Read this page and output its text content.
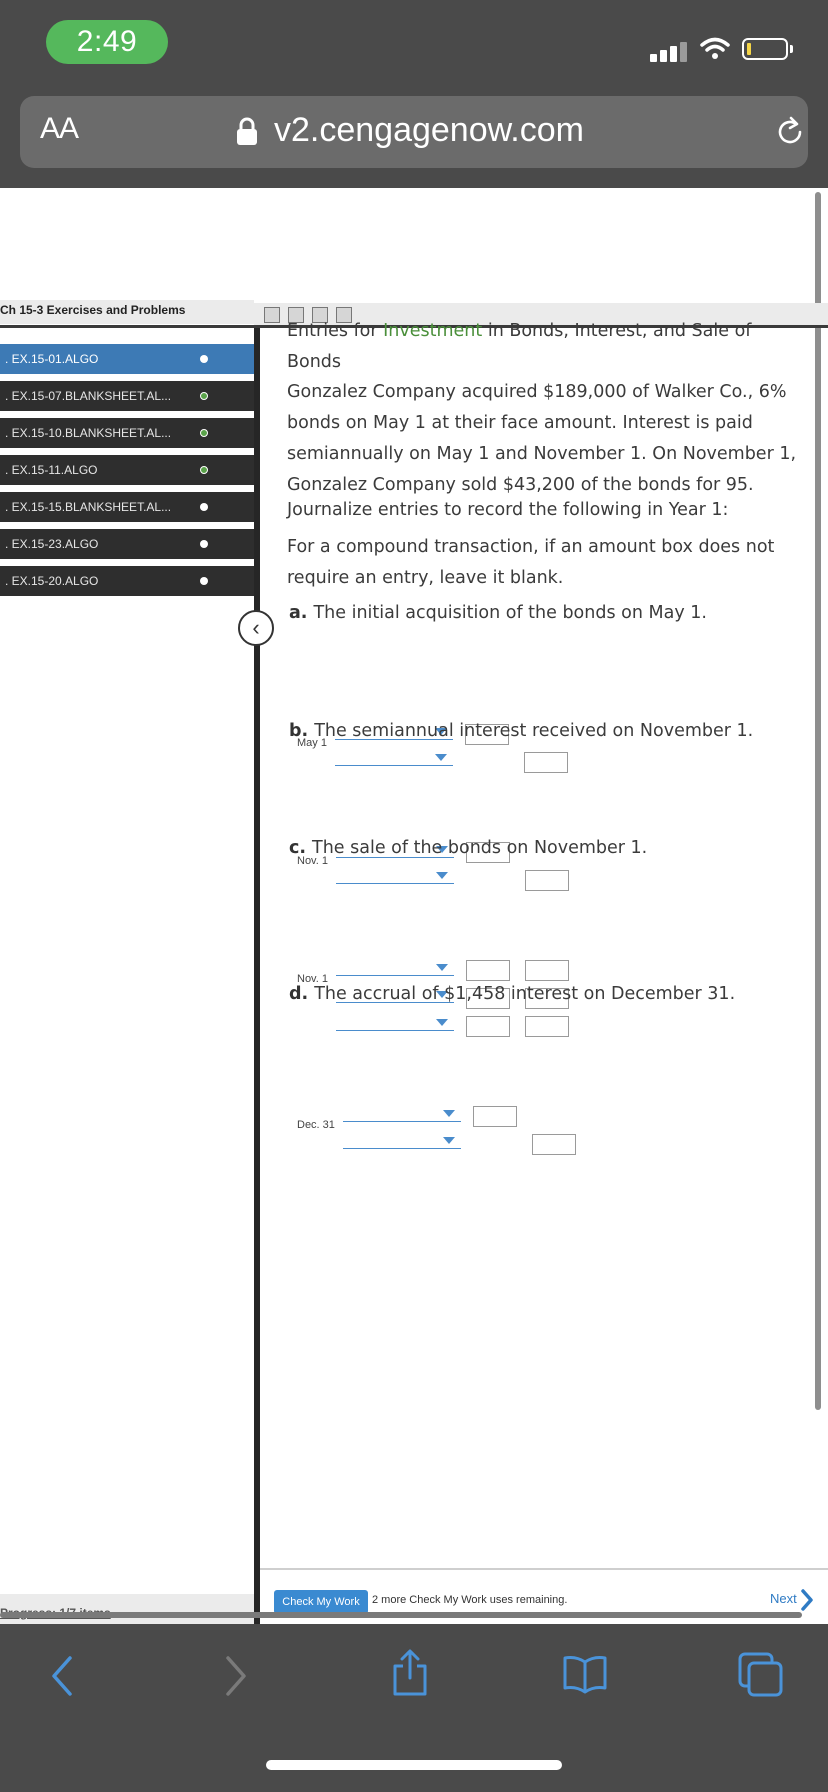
2:49
AA	v2.cengagenow.com
Ch 15-3 Exercises and Problems
. EX.15-01.ALGO
. EX.15-07.BLANKSHEET.AL...
. EX.15-10.BLANKSHEET.AL...
. EX.15-11.ALGO
. EX.15-15.BLANKSHEET.AL...
. EX.15-23.ALGO
. EX.15-20.ALGO
‹
Entries for Investment in Bonds, Interest, and Sale of Bonds
Gonzalez Company acquired $189,000 of Walker Co., 6% bonds on May 1 at their face amount. Interest is paid semiannually on May 1 and November 1. On November 1, Gonzalez Company sold $43,200 of the bonds for 95.
Journalize entries to record the following in Year 1:
For a compound transaction, if an amount box does not require an entry, leave it blank.
a. The initial acquisition of the bonds on May 1.
May 1
b. The semiannual interest received on November 1.
Nov. 1
c. The sale of the bonds on November 1.
Nov. 1
d. The accrual of $1,458 interest on December 31.
Dec. 31
Check My Work	2 more Check My Work uses remaining.	Next
